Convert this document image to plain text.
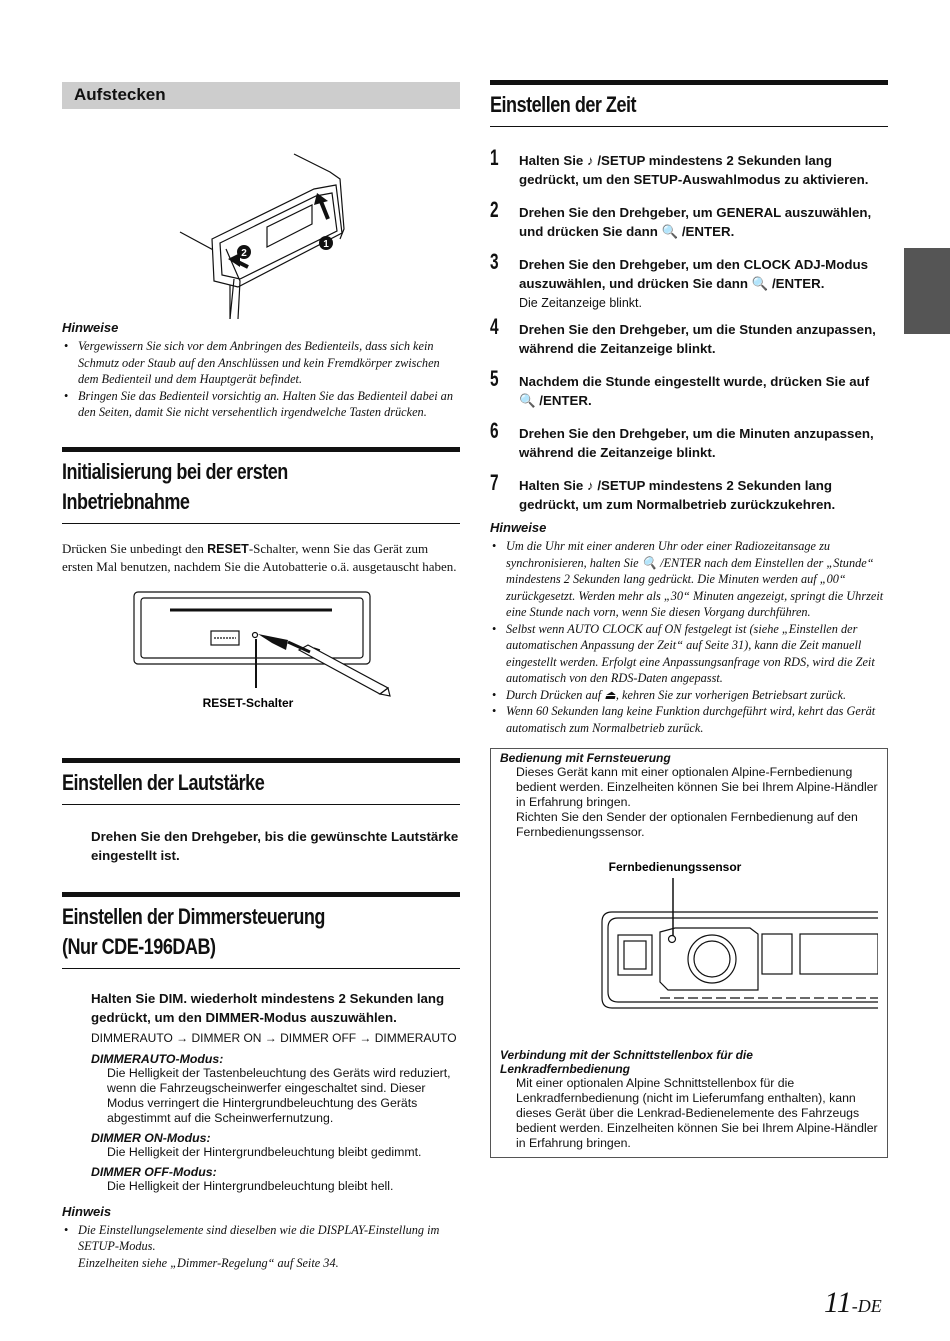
Aufstecken
1
2
Hinweise
• Vergewissern Sie sich vor dem Anbringen des Bedienteils, dass sich kein Schmutz oder Staub auf den Anschlüssen und kein Fremdkörper zwischen dem Bedienteil und dem Hauptgerät befindet.
• Bringen Sie das Bedienteil vorsichtig an. Halten Sie das Bedienteil dabei an den Seiten, damit Sie nicht versehentlich irgendwelche Tasten drücken.
Initialisierung bei der ersten
Inbetriebnahme
Drücken Sie unbedingt den RESET-Schalter, wenn Sie das Gerät zum ersten Mal benutzen, nachdem Sie die Autobatterie o.ä. ausgetauscht haben.
RESET-Schalter
Einstellen der Lautstärke
Drehen Sie den Drehgeber, bis die gewünschte Lautstärke eingestellt ist.
Einstellen der Dimmersteuerung
(Nur CDE-196DAB)
Halten Sie DIM. wiederholt mindestens 2 Sekunden lang gedrückt, um den DIMMER-Modus auszuwählen.
DIMMERAUTO → DIMMER ON → DIMMER OFF → DIMMERAUTO
DIMMERAUTO-Modus:
Die Helligkeit der Tastenbeleuchtung des Geräts wird reduziert, wenn die Fahrzeugscheinwerfer eingeschaltet sind. Dieser Modus verringert die Hintergrundbeleuchtung des Geräts abgestimmt auf die Scheinwerfernutzung.
DIMMER ON-Modus:
Die Helligkeit der Hintergrundbeleuchtung bleibt gedimmt.
DIMMER OFF-Modus:
Die Helligkeit der Hintergrundbeleuchtung bleibt hell.
Hinweis
• Die Einstellungselemente sind dieselben wie die DISPLAY-Einstellung im SETUP-Modus.
Einzelheiten siehe „Dimmer-Regelung“ auf Seite 34.
Einstellen der Zeit
1 Halten Sie ♪ /SETUP mindestens 2 Sekunden lang gedrückt, um den SETUP-Auswahlmodus zu aktivieren.
2 Drehen Sie den Drehgeber, um GENERAL auszuwählen, und drücken Sie dann 🔍 /ENTER.
3 Drehen Sie den Drehgeber, um den CLOCK ADJ-Modus auszuwählen, und drücken Sie dann 🔍 /ENTER.
Die Zeitanzeige blinkt.
4 Drehen Sie den Drehgeber, um die Stunden anzupassen, während die Zeitanzeige blinkt.
5 Nachdem die Stunde eingestellt wurde, drücken Sie auf 🔍 /ENTER.
6 Drehen Sie den Drehgeber, um die Minuten anzupassen, während die Zeitanzeige blinkt.
7 Halten Sie ♪ /SETUP mindestens 2 Sekunden lang gedrückt, um zum Normalbetrieb zurückzukehren.
Hinweise
• Um die Uhr mit einer anderen Uhr oder einer Radiozeitansage zu synchronisieren, halten Sie 🔍 /ENTER nach dem Einstellen der „Stunde“ mindestens 2 Sekunden lang gedrückt. Die Minuten werden auf „00“ zurückgesetzt. Werden mehr als „30“ Minuten angezeigt, springt die Uhrzeit eine Stunde nach vorn, wenn Sie diesen Vorgang durchführen.
• Selbst wenn AUTO CLOCK auf ON festgelegt ist (siehe „Einstellen der automatischen Anpassung der Zeit“ auf Seite 31), kann die Zeit manuell eingestellt werden. Erfolgt eine Anpassungsanfrage von RDS, wird die Zeit automatisch von den RDS-Daten angepasst.
• Durch Drücken auf ⏏, kehren Sie zur vorherigen Betriebsart zurück.
• Wenn 60 Sekunden lang keine Funktion durchgeführt wird, kehrt das Gerät automatisch zum Normalbetrieb zurück.
Bedienung mit Fernsteuerung
Dieses Gerät kann mit einer optionalen Alpine-Fernbedienung bedient werden. Einzelheiten können Sie bei Ihrem Alpine-Händler in Erfahrung bringen.
Richten Sie den Sender der optionalen Fernbedienung auf den Fernbedienungssensor.
Fernbedienungssensor
Verbindung mit der Schnittstellenbox für die Lenkradfernbedienung
Mit einer optionalen Alpine Schnittstellenbox für die Lenkradfernbedienung (nicht im Lieferumfang enthalten), kann dieses Gerät über die Lenkrad-Bedienelemente des Fahrzeugs bedient werden. Einzelheiten können Sie bei Ihrem Alpine-Händler in Erfahrung bringen.
11-DE
